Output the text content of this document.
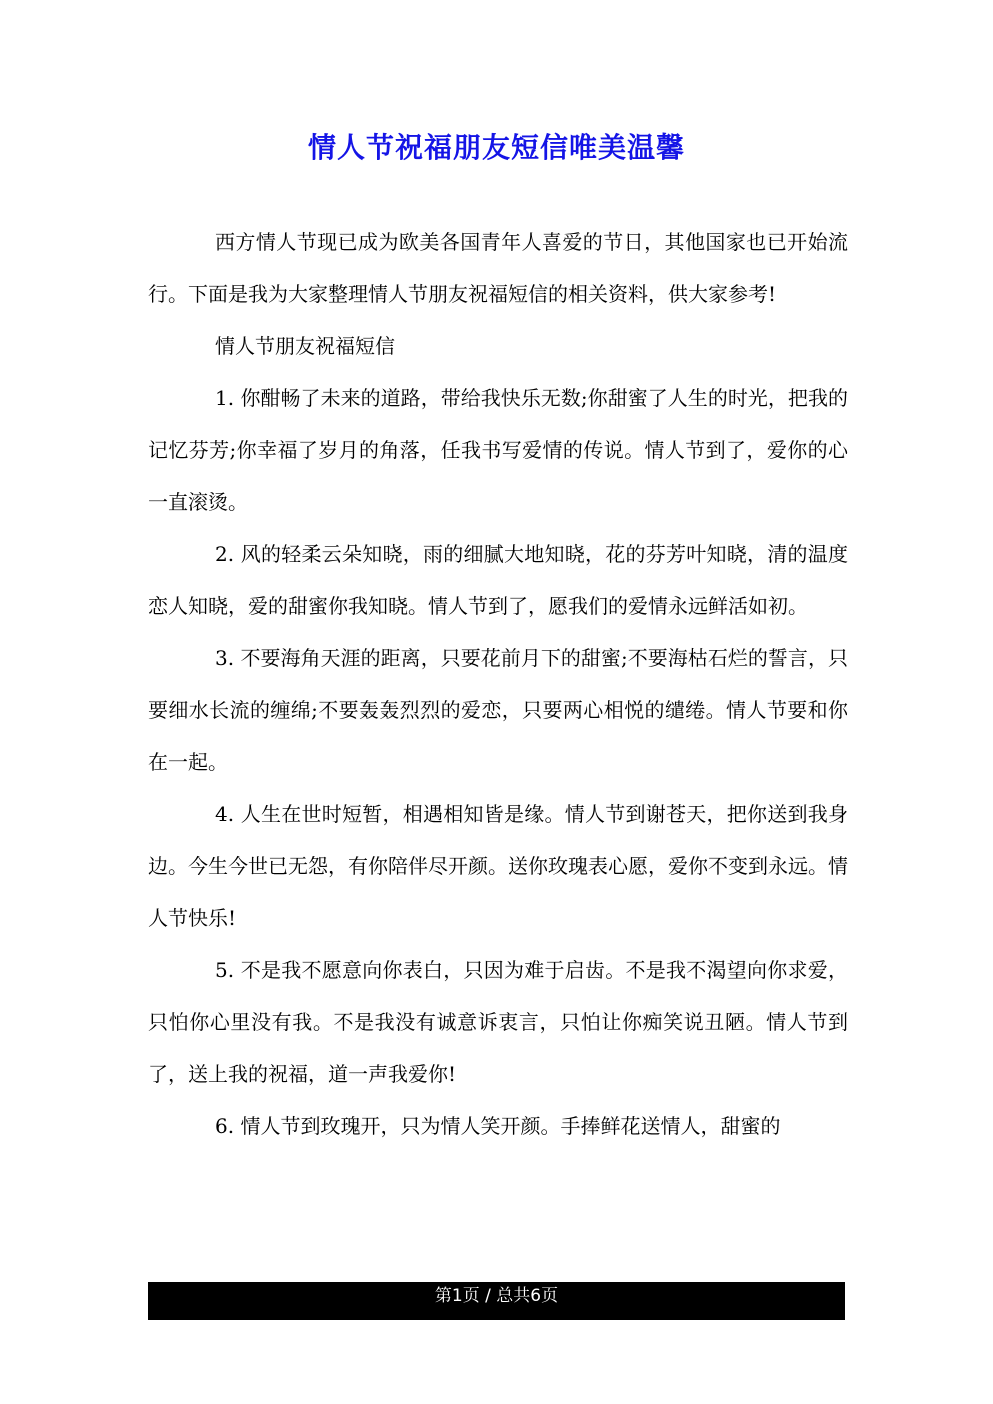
情人节祝福朋友短信唯美温馨

西方情人节现已成为欧美各国青年人喜爱的节日，其他国家也已开始流行。下面是我为大家整理情人节朋友祝福短信的相关资料，供大家参考!

情人节朋友祝福短信

1. 你酣畅了未来的道路，带给我快乐无数;你甜蜜了人生的时光，把我的记忆芬芳;你幸福了岁月的角落，任我书写爱情的传说。情人节到了，爱你的心一直滚烫。

2. 风的轻柔云朵知晓，雨的细腻大地知晓，花的芬芳叶知晓，清的温度恋人知晓，爱的甜蜜你我知晓。情人节到了，愿我们的爱情永远鲜活如初。

3. 不要海角天涯的距离，只要花前月下的甜蜜;不要海枯石烂的誓言，只要细水长流的缠绵;不要轰轰烈烈的爱恋，只要两心相悦的缱绻。情人节要和你在一起。

4. 人生在世时短暂，相遇相知皆是缘。情人节到谢苍天，把你送到我身边。今生今世已无怨，有你陪伴尽开颜。送你玫瑰表心愿，爱你不变到永远。情人节快乐!

5. 不是我不愿意向你表白，只因为难于启齿。不是我不渴望向你求爱，只怕你心里没有我。不是我没有诚意诉衷言，只怕让你痴笑说丑陋。情人节到了，送上我的祝福，道一声我爱你!

6. 情人节到玫瑰开，只为情人笑开颜。手捧鲜花送情人，甜蜜的

第1页 / 总共6页
